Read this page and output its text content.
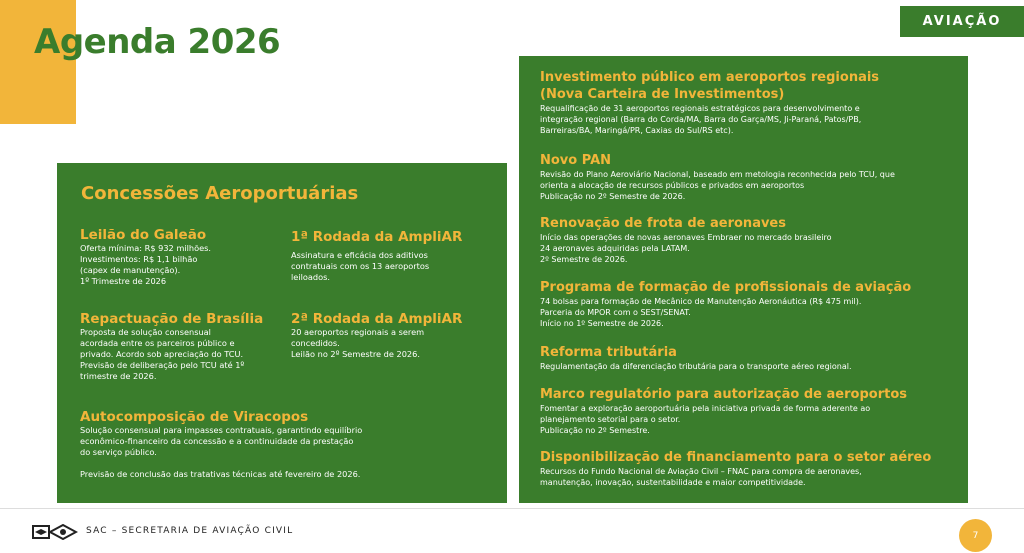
Agenda 2026
AVIAÇÃO
Concessões Aeroportuárias
Leilão do Galeão

Oferta mínima: R$ 932 milhões.

Investimentos: R$ 1,1 bilhão

(capex de manutenção).

1º Trimestre de 2026

1ª Rodada da AmpliAR

Assinatura e eficácia dos aditivos

contratuais com os 13 aeroportos

leiloados.

Repactuação de Brasília

Proposta de solução consensual

acordada entre os parceiros público e

privado. Acordo sob apreciação do TCU.

Previsão de deliberação pelo TCU até 1º

trimestre de 2026.

2ª Rodada da AmpliAR

20 aeroportos regionais a serem

concedidos.

Leilão no 2º Semestre de 2026.

Autocomposição de Viracopos

Solução consensual para impasses contratuais, garantindo equilíbrio

econômico-financeiro da concessão e a continuidade da prestação

do serviço público.

Previsão de conclusão das tratativas técnicas até fevereiro de 2026.

Investimento público em aeroportos regionais
(Nova Carteira de Investimentos)

Requalificação de 31 aeroportos regionais estratégicos para desenvolvimento e

integração regional (Barra do Corda/MA, Barra do Garça/MS, Ji-Paraná, Patos/PB,

Barreiras/BA, Maringá/PR, Caxias do Sul/RS etc).

Novo PAN

Revisão do Plano Aeroviário Nacional, baseado em metologia reconhecida pelo TCU, que

orienta a alocação de recursos públicos e privados em aeroportos

Publicação no 2º Semestre de 2026.

Renovação de frota de aeronaves

Início das operações de novas aeronaves Embraer no mercado brasileiro

24 aeronaves adquiridas pela LATAM.

2º Semestre de 2026.

Programa de formação de profissionais de aviação

74 bolsas para formação de Mecânico de Manutenção Aeronáutica (R$ 475 mil).

Parceria do MPOR com o SEST/SENAT.

Início no 1º Semestre de 2026.

Reforma tributária

Regulamentação da diferenciação tributária para o transporte aéreo regional.

Marco regulatório para autorização de aeroportos

Fomentar a exploração aeroportuária pela iniciativa privada de forma aderente ao

planejamento setorial para o setor.

Publicação no 2º Semestre.

Disponibilização de financiamento para o setor aéreo

Recursos do Fundo Nacional de Aviação Civil – FNAC para compra de aeronaves,

manutenção, inovação, sustentabilidade e maior competitividade.

SAC – SECRETARIA DE AVIAÇÃO CIVIL	7
